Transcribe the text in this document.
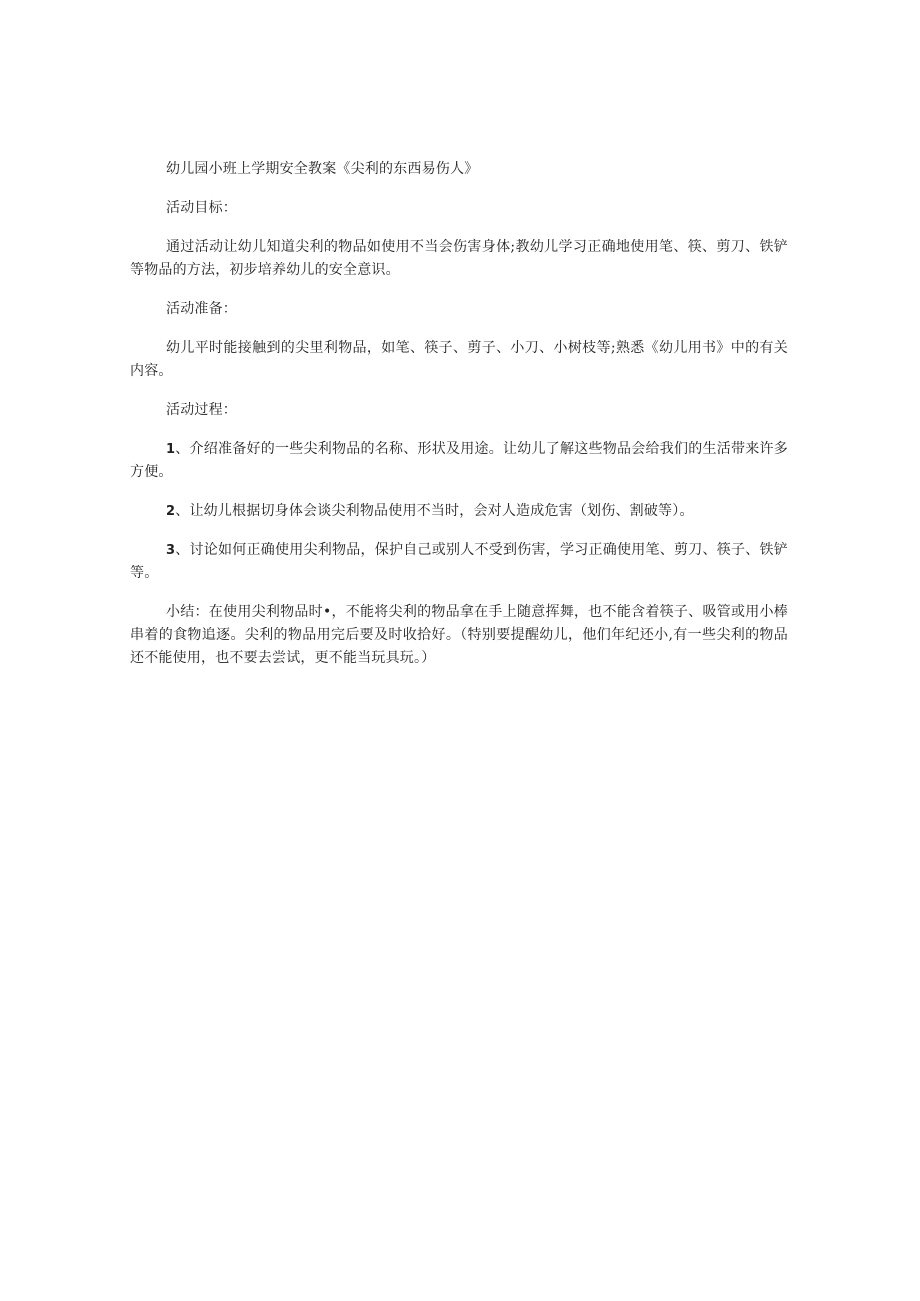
幼儿园小班上学期安全教案《尖利的东西易伤人》

活动目标：

通过活动让幼儿知道尖利的物品如使用不当会伤害身体;教幼儿学习正确地使用笔、筷、剪刀、铁铲等物品的方法，初步培养幼儿的安全意识。

活动准备：

幼儿平时能接触到的尖里利物品，如笔、筷子、剪子、小刀、小树枝等;熟悉《幼儿用书》中的有关内容。

活动过程：

1、介绍准备好的一些尖利物品的名称、形状及用途。让幼儿了解这些物品会给我们的生活带来许多方便。

2、让幼儿根据切身体会谈尖利物品使用不当时，会对人造成危害（划伤、割破等）。

3、讨论如何正确使用尖利物品，保护自己或别人不受到伤害，学习正确使用笔、剪刀、筷子、铁铲等。

小结：在使用尖利物品时•，不能将尖利的物品拿在手上随意挥舞，也不能含着筷子、吸管或用小棒串着的食物追逐。尖利的物品用完后要及时收拾好。（特别要提醒幼儿，他们年纪还小,有一些尖利的物品还不能使用，也不要去尝试，更不能当玩具玩。）
